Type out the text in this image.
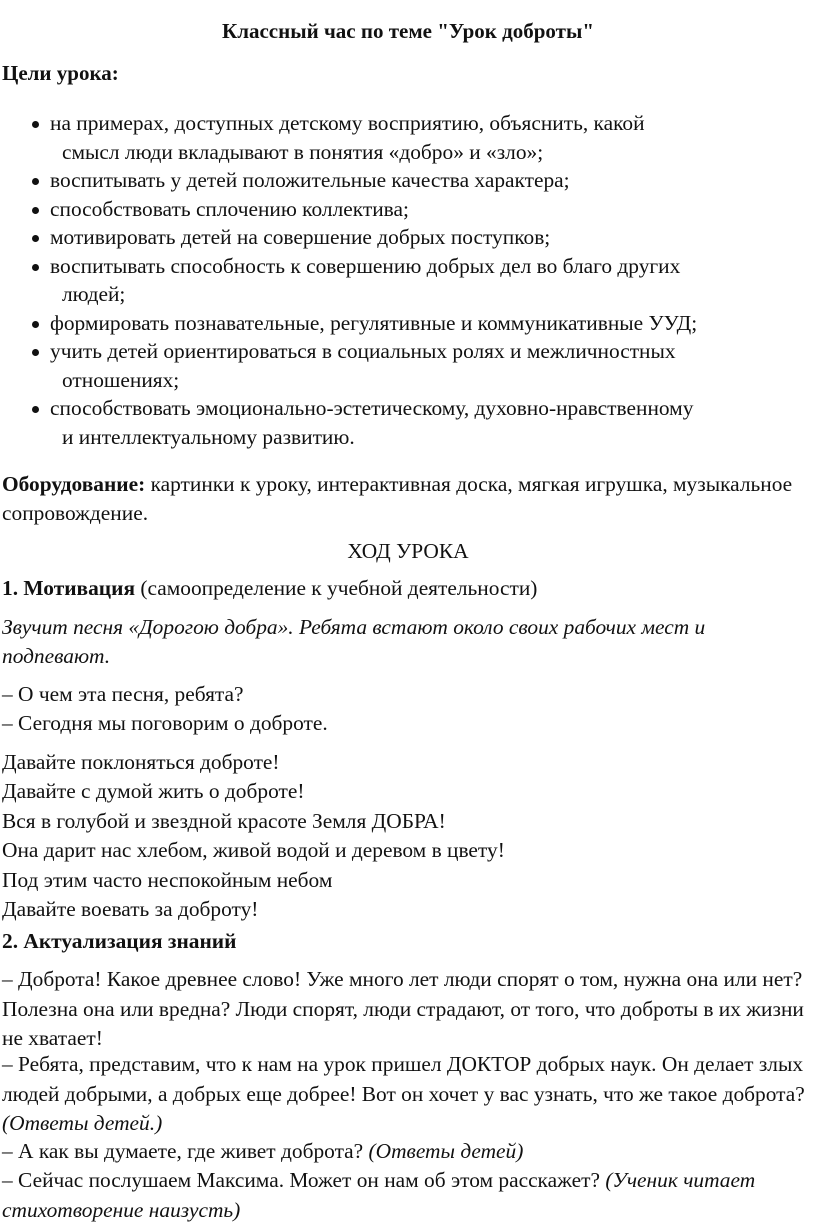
Классный час по теме "Урок доброты"
Цели урока:
на примерах, доступных детскому восприятию, объяснить, какой
смысл люди вкладывают в понятия «добро» и «зло»;
воспитывать у детей положительные качества характера;
способствовать сплочению коллектива;
мотивировать детей на совершение добрых поступков;
воспитывать способность к совершению добрых дел во благо других
людей;
формировать познавательные, регулятивные и коммуникативные УУД;
учить детей ориентироваться в социальных ролях и межличностных
отношениях;
способствовать эмоционально-эстетическому, духовно-нравственному
и интеллектуальному развитию.
Оборудование: картинки к уроку, интерактивная доска, мягкая игрушка, музыкальное сопровождение.
ХОД УРОКА
1. Мотивация (самоопределение к учебной деятельности)
Звучит песня «Дорогою добра». Ребята встают около своих рабочих мест и подпевают.
– О чем эта песня, ребята?
– Сегодня мы поговорим о доброте.
Давайте поклоняться доброте!
Давайте с думой жить о доброте!
Вся в голубой и звездной красоте Земля ДОБРА!
Она дарит нас хлебом, живой водой и деревом в цвету!
Под этим часто неспокойным небом
Давайте воевать за доброту!
2. Актуализация знаний
– Доброта! Какое древнее слово! Уже много лет люди спорят о том, нужна она или нет? Полезна она или вредна? Люди спорят, люди страдают, от того, что доброты в их жизни не хватает!
– Ребята, представим, что к нам на урок пришел ДОКТОР добрых наук. Он делает злых людей добрыми, а добрых еще добрее! Вот он хочет у вас узнать, что же такое доброта? (Ответы детей.)
– А как вы думаете, где живет доброта? (Ответы детей)
– Сейчас послушаем Максима. Может он нам об этом расскажет? (Ученик читает стихотворение наизусть)
